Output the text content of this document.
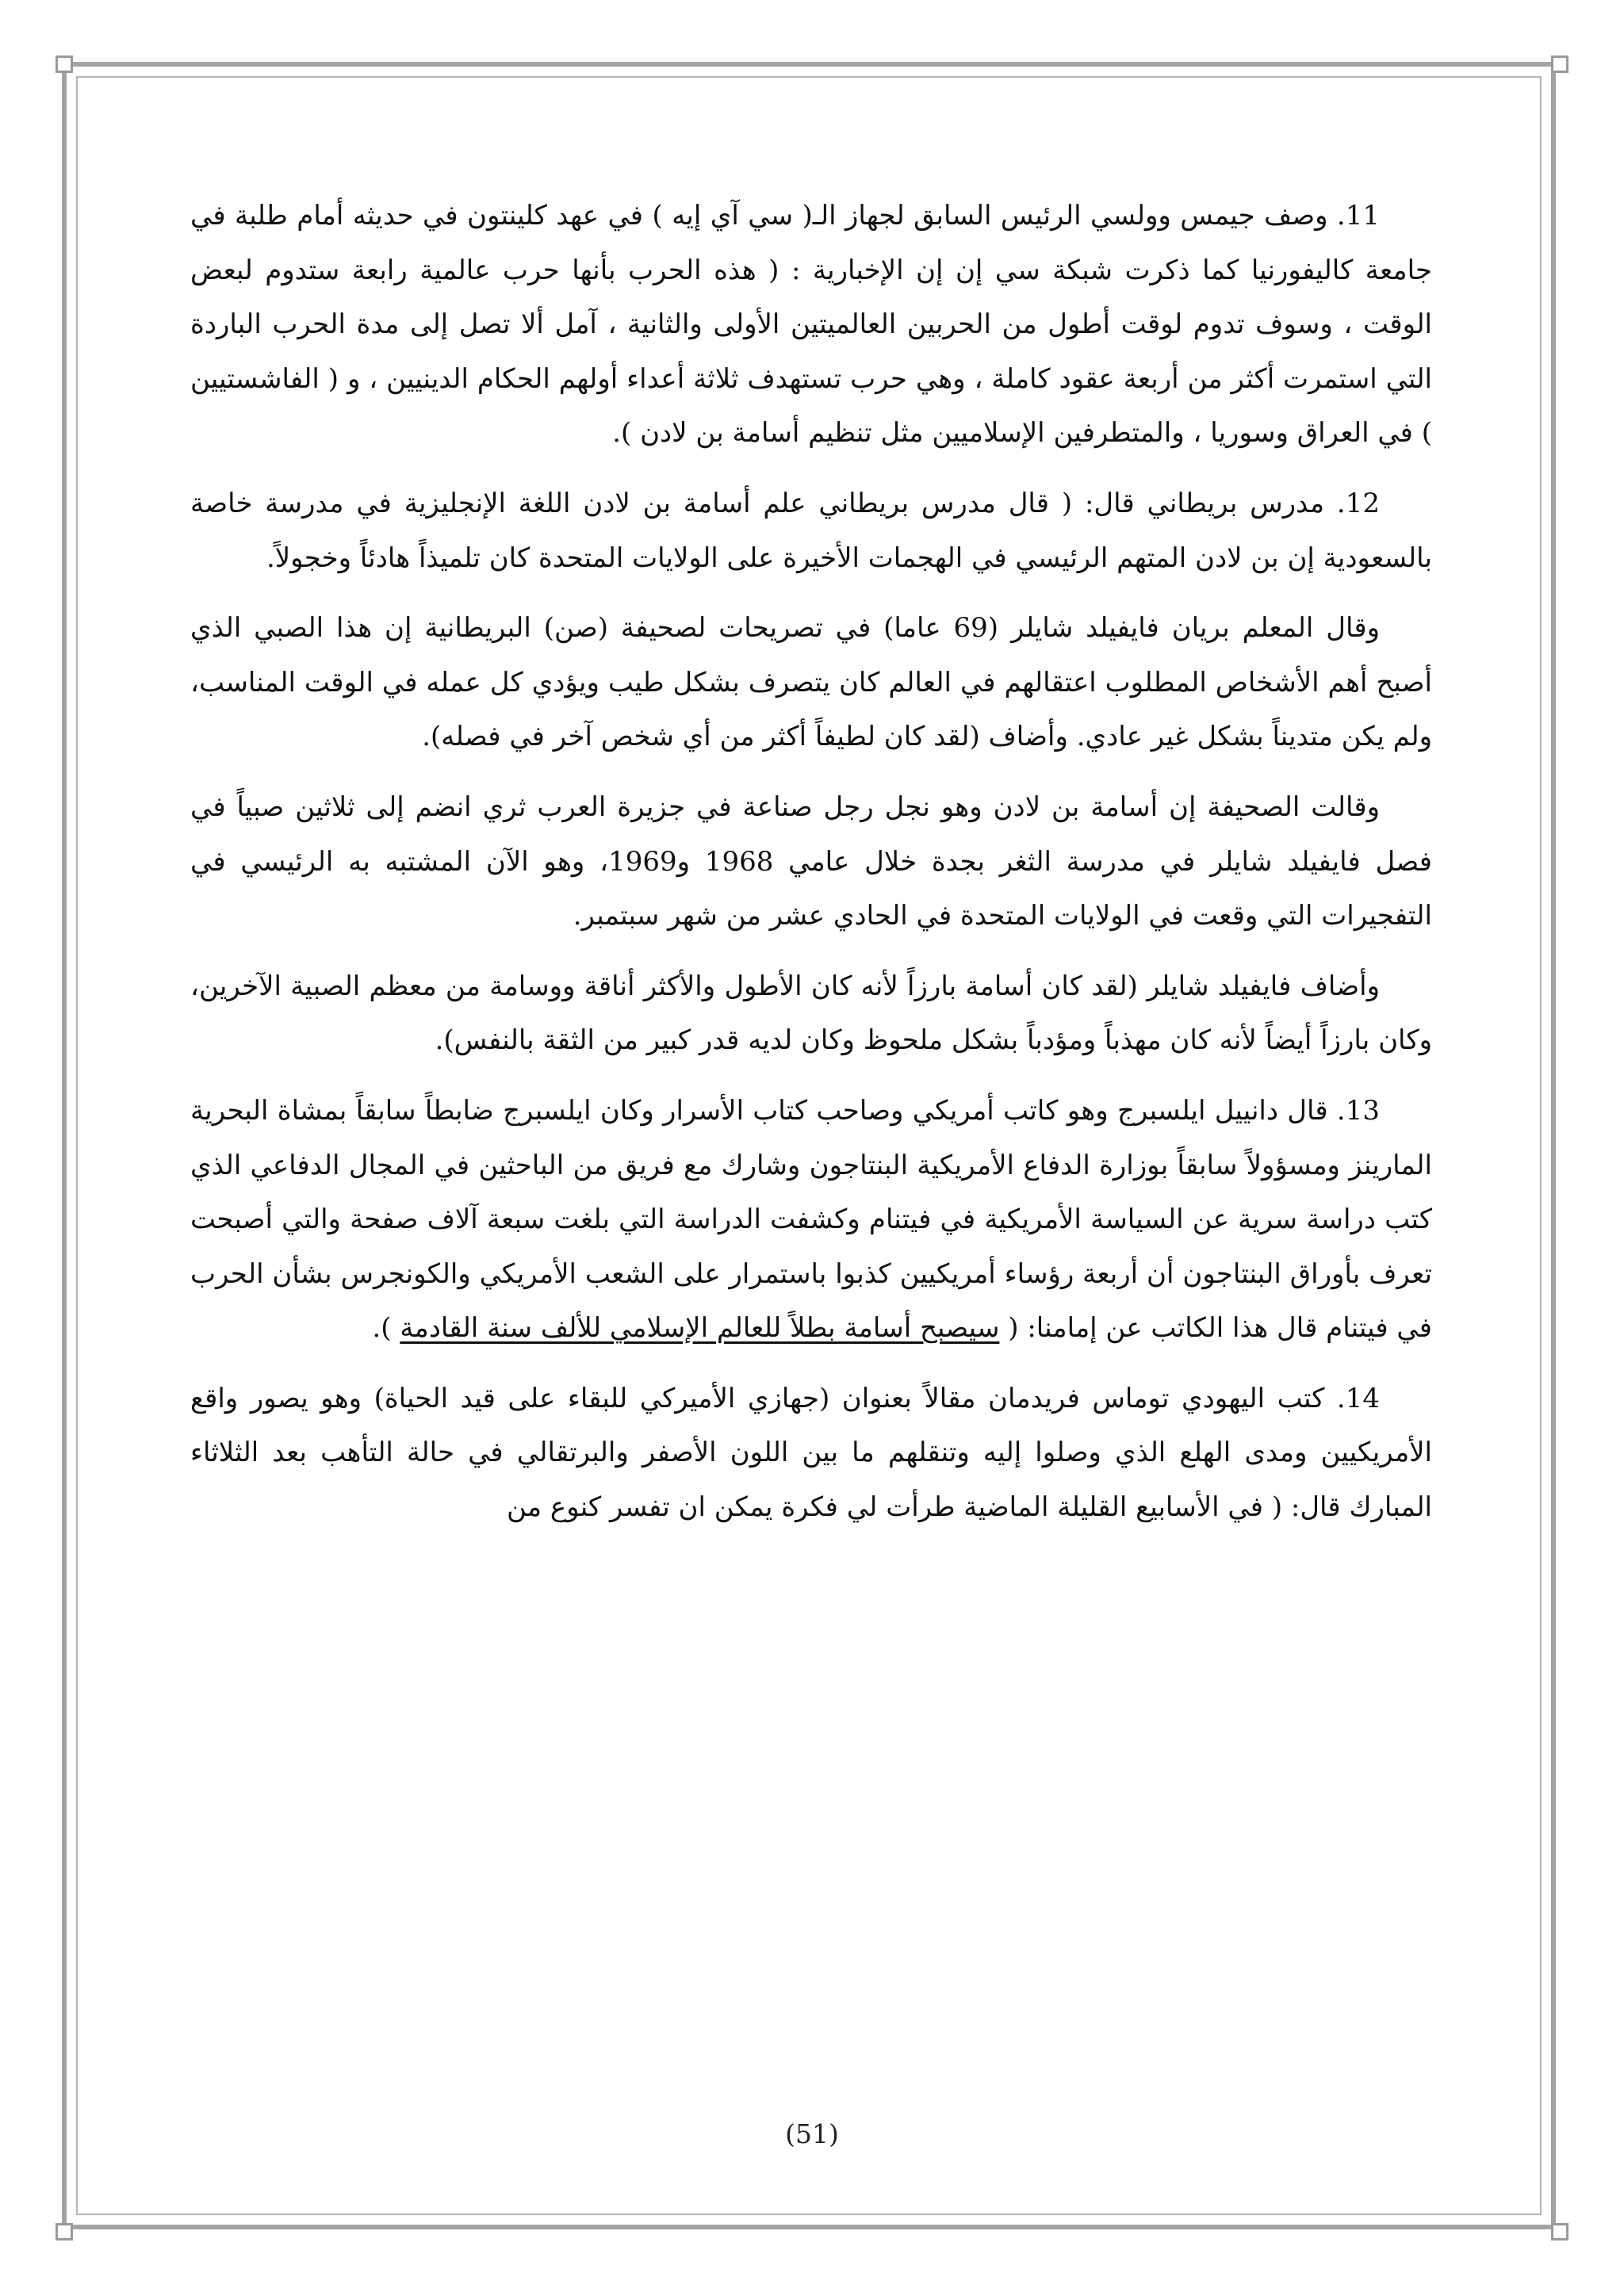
11. وصف جيمس وولسي الرئيس السابق لجهاز الـ( سي آي إيه ) في عهد كلينتون في حديثه أمام طلبة في جامعة كاليفورنيا كما ذكرت شبكة سي إن إن الإخبارية : ( هذه الحرب بأنها حرب عالمية رابعة ستدوم لبعض الوقت ، وسوف تدوم لوقت أطول من الحربين العالميتين الأولى والثانية ، آمل ألا تصل إلى مدة الحرب الباردة التي استمرت أكثر من أربعة عقود كاملة ، وهي حرب تستهدف ثلاثة أعداء أولهم الحكام الدينيين ، و ( الفاشستيين ) في العراق وسوريا ، والمتطرفين الإسلاميين مثل تنظيم أسامة بن لادن ).

12. مدرس بريطاني قال: ( قال مدرس بريطاني علم أسامة بن لادن اللغة الإنجليزية في مدرسة خاصة بالسعودية إن بن لادن المتهم الرئيسي في الهجمات الأخيرة على الولايات المتحدة كان تلميذاً هادئاً وخجولاً.

وقال المعلم بريان فايفيلد شايلر (69 عاما) في تصريحات لصحيفة (صن) البريطانية إن هذا الصبي الذي أصبح أهم الأشخاص المطلوب اعتقالهم في العالم كان يتصرف بشكل طيب ويؤدي كل عمله في الوقت المناسب، ولم يكن متديناً بشكل غير عادي. وأضاف (لقد كان لطيفاً أكثر من أي شخص آخر في فصله).

وقالت الصحيفة إن أسامة بن لادن وهو نجل رجل صناعة في جزيرة العرب ثري انضم إلى ثلاثين صبياً في فصل فايفيلد شايلر في مدرسة الثغر بجدة خلال عامي 1968 و1969، وهو الآن المشتبه به الرئيسي في التفجيرات التي وقعت في الولايات المتحدة في الحادي عشر من شهر سبتمبر.

وأضاف فايفيلد شايلر (لقد كان أسامة بارزاً لأنه كان الأطول والأكثر أناقة ووسامة من معظم الصبية الآخرين، وكان بارزاً أيضاً لأنه كان مهذباً ومؤدباً بشكل ملحوظ وكان لديه قدر كبير من الثقة بالنفس).

13. قال دانييل ايلسبرج وهو كاتب أمريكي وصاحب كتاب الأسرار وكان ايلسبرج ضابطاً سابقاً بمشاة البحرية المارينز ومسؤولاً سابقاً بوزارة الدفاع الأمريكية البنتاجون وشارك مع فريق من الباحثين في المجال الدفاعي الذي كتب دراسة سرية عن السياسة الأمريكية في فيتنام وكشفت الدراسة التي بلغت سبعة آلاف صفحة والتي أصبحت تعرف بأوراق البنتاجون أن أربعة رؤساء أمريكيين كذبوا باستمرار على الشعب الأمريكي والكونجرس بشأن الحرب في فيتنام قال هذا الكاتب عن إمامنا: ( سيصبح أسامة بطلاً للعالم الإسلامي للألف سنة القادمة ).

14. كتب اليهودي توماس فريدمان مقالاً بعنوان (جهازي الأميركي للبقاء على قيد الحياة) وهو يصور واقع الأمريكيين ومدى الهلع الذي وصلوا إليه وتنقلهم ما بين اللون الأصفر والبرتقالي في حالة التأهب بعد الثلاثاء المبارك قال: ( في الأسابيع القليلة الماضية طرأت لي فكرة يمكن ان تفسر كنوع من

(51)
